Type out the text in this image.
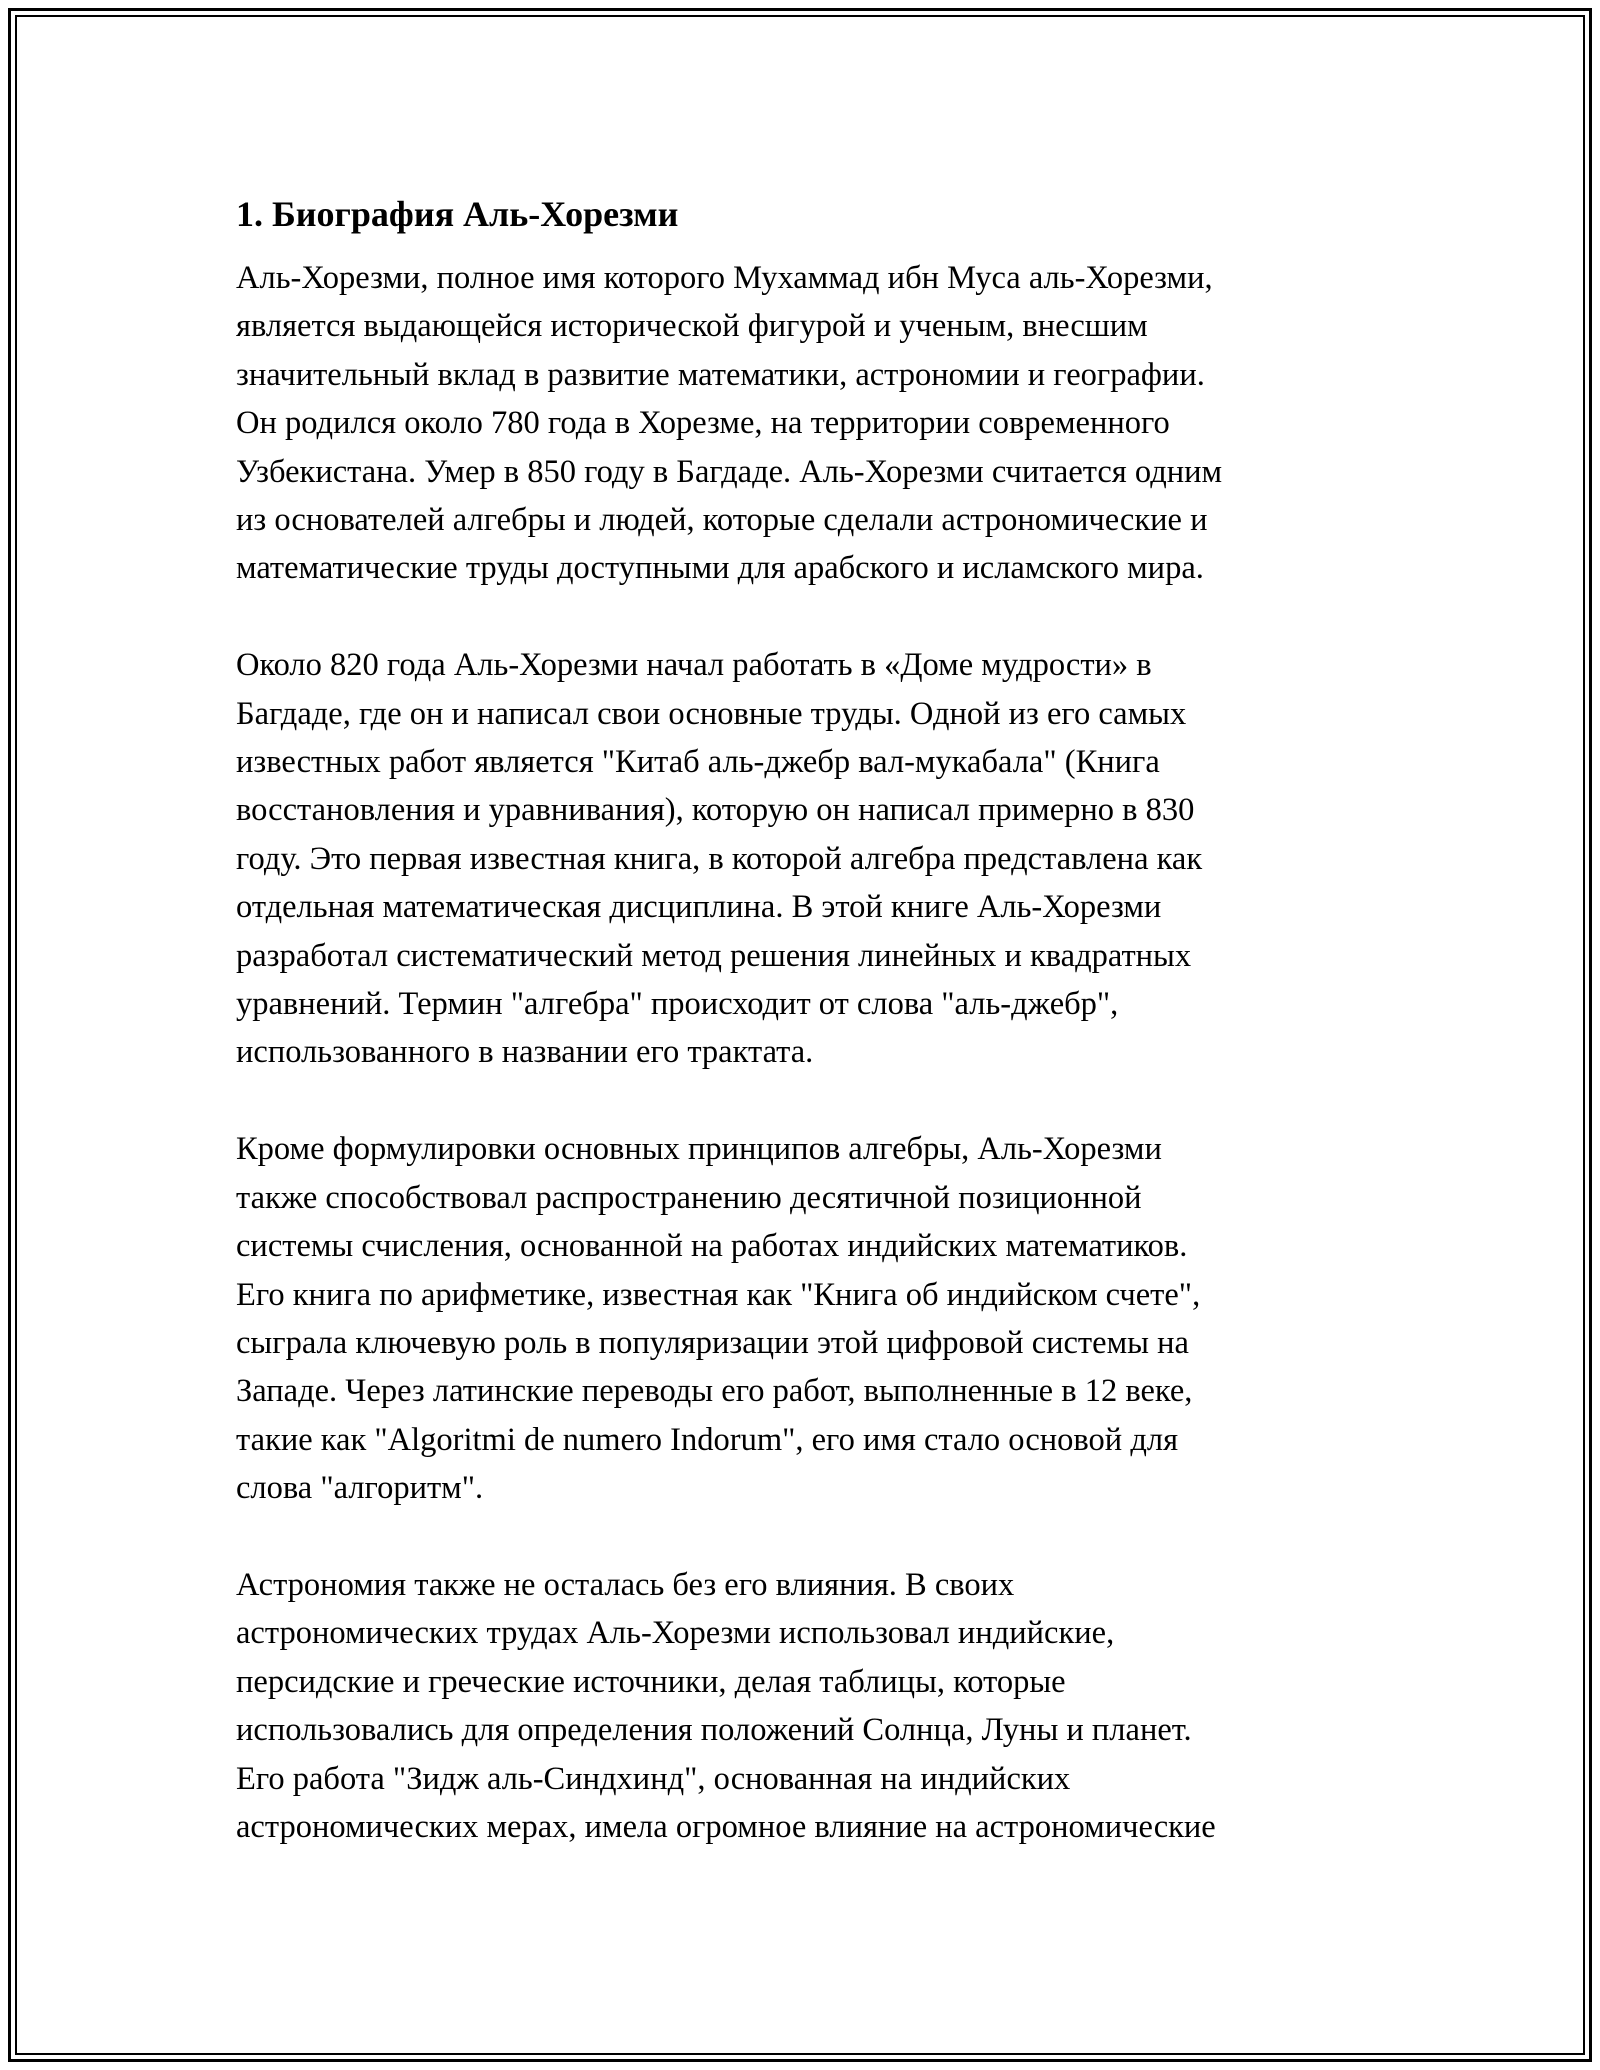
1. Биография Аль-Хорезми

Аль-Хорезми, полное имя которого Мухаммад ибн Муса аль-Хорезми,
является выдающейся исторической фигурой и ученым, внесшим
значительный вклад в развитие математики, астрономии и географии.
Он родился около 780 года в Хорезме, на территории современного
Узбекистана. Умер в 850 году в Багдаде. Аль-Хорезми считается одним
из основателей алгебры и людей, которые сделали астрономические и
математические труды доступными для арабского и исламского мира.

Около 820 года Аль-Хорезми начал работать в «Доме мудрости» в
Багдаде, где он и написал свои основные труды. Одной из его самых
известных работ является "Китаб аль-джебр вал-мукабала" (Книга
восстановления и уравнивания), которую он написал примерно в 830
году. Это первая известная книга, в которой алгебра представлена как
отдельная математическая дисциплина. В этой книге Аль-Хорезми
разработал систематический метод решения линейных и квадратных
уравнений. Термин "алгебра" происходит от слова "аль-джебр",
использованного в названии его трактата.

Кроме формулировки основных принципов алгебры, Аль-Хорезми
также способствовал распространению десятичной позиционной
системы счисления, основанной на работах индийских математиков.
Его книга по арифметике, известная как "Книга об индийском счете",
сыграла ключевую роль в популяризации этой цифровой системы на
Западе. Через латинские переводы его работ, выполненные в 12 веке,
такие как "Algoritmi de numero Indorum", его имя стало основой для
слова "алгоритм".

Астрономия также не осталась без его влияния. В своих
астрономических трудах Аль-Хорезми использовал индийские,
персидские и греческие источники, делая таблицы, которые
использовались для определения положений Солнца, Луны и планет.
Его работа "Зидж аль-Синдхинд", основанная на индийских
астрономических мерах, имела огромное влияние на астрономические
